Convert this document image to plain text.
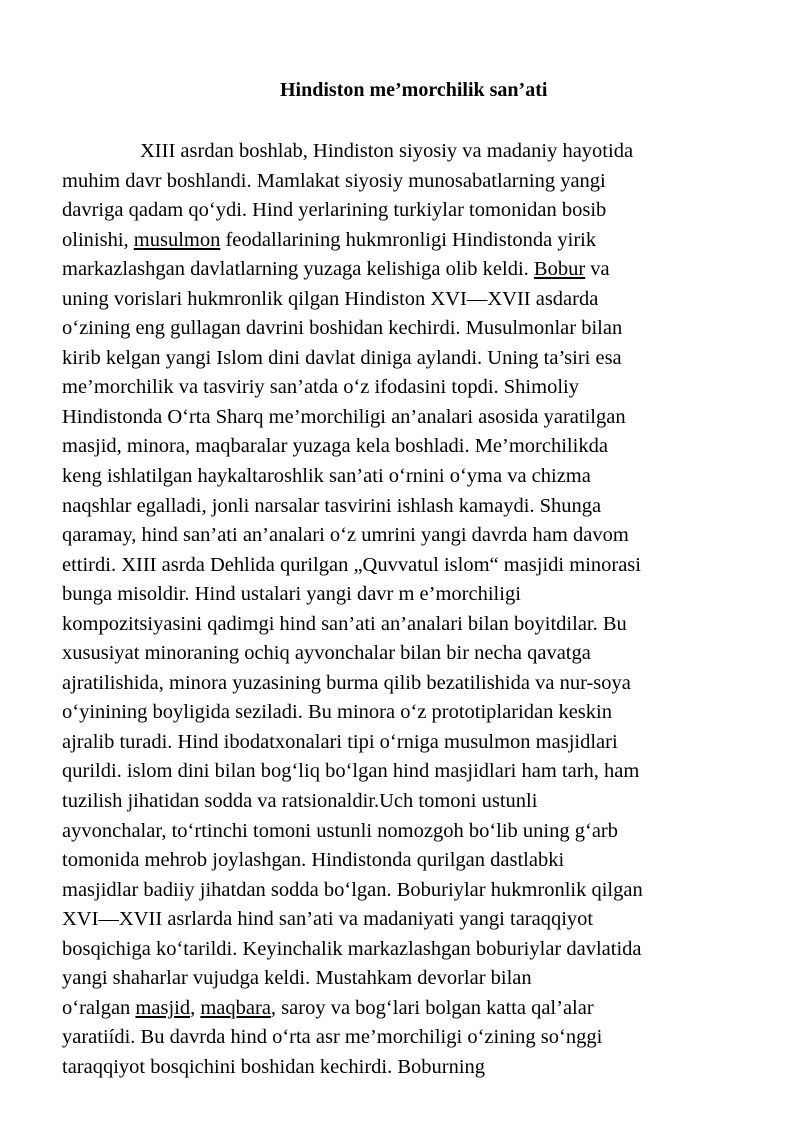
Hindiston me’morchilik san’ati
XIII asrdan boshlab, Hindiston siyosiy va madaniy hayotida
muhim davr boshlandi. Mamlakat siyosiy munosabatlarning yangi
davriga qadam qo‘ydi. Hind yerlarining turkiylar tomonidan bosib
olinishi, musulmon feodallarining hukmronligi Hindistonda yirik
markazlashgan davlatlarning yuzaga kelishiga olib keldi. Bobur va
uning vorislari hukmronlik qilgan Hindiston XVI—XVII asdarda
o‘zining eng gullagan davrini boshidan kechirdi. Musulmonlar bilan
kirib kelgan yangi Islom dini davlat diniga aylandi. Uning ta’siri esa
me’morchilik va tasviriy san’atda o‘z ifodasini topdi. Shimoliy
Hindistonda O‘rta Sharq me’morchiligi an’analari asosida yaratilgan
masjid, minora, maqbaralar yuzaga kela boshladi. Me’morchilikda
keng ishlatilgan haykaltaroshlik san’ati o‘rnini o‘yma va chizma
naqshlar egalladi, jonli narsalar tasvirini ishlash kamaydi. Shunga
qaramay, hind san’ati an’analari o‘z umrini yangi davrda ham davom
ettirdi. XIII asrda Dehlida qurilgan „Quvvatul islom“ masjidi minorasi
bunga misoldir. Hind ustalari yangi davr m e’morchiligi
kompozitsiyasini qadimgi hind san’ati an’analari bilan boyitdilar. Bu
xususiyat minoraning ochiq ayvonchalar bilan bir necha qavatga
ajratilishida, minora yuzasining burma qilib bezatilishida va nur-soya
o‘yinining boyligida seziladi. Bu minora o‘z prototiplaridan keskin
ajralib turadi. Hind ibodatxonalari tipi o‘rniga musulmon masjidlari
qurildi. islom dini bilan bog‘liq bo‘lgan hind masjidlari ham tarh, ham
tuzilish jihatidan sodda va ratsionaldir.Uch tomoni ustunli
ayvonchalar, to‘rtinchi tomoni ustunli nomozgoh bo‘lib uning g‘arb
tomonida mehrob joylashgan. Hindistonda qurilgan dastlabki
masjidlar badiiy jihatdan sodda bo‘lgan. Boburiylar hukmronlik qilgan
XVI—XVII asrlarda hind san’ati va madaniyati yangi taraqqiyot
bosqichiga ko‘tarildi. Keyinchalik markazlashgan boburiylar davlatida
yangi shaharlar vujudga keldi. Mustahkam devorlar bilan
o‘ralgan masjid, maqbara, saroy va bog‘lari bolgan katta qal’alar
yaratiídi. Bu davrda hind o‘rta asr me’morchiligi o‘zining so‘nggi
taraqqiyot bosqichini boshidan kechirdi. Boburning
